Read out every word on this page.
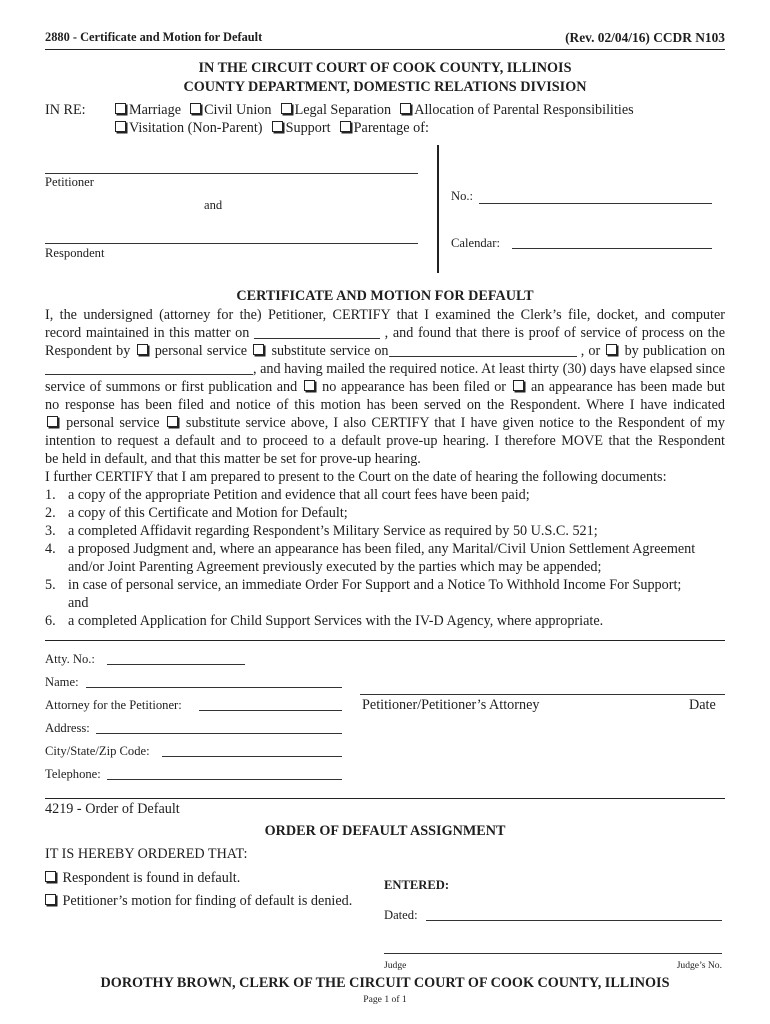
2880 - Certificate and Motion for Default	(Rev. 02/04/16) CCDR N103
IN THE CIRCUIT COURT OF COOK COUNTY, ILLINOIS
COUNTY DEPARTMENT, DOMESTIC RELATIONS DIVISION
IN RE:	Marriage Civil Union Legal Separation Allocation of Parental Responsibilities
Visitation (Non-Parent) Support Parentage of:
Petitioner
and
Respondent
No.:
Calendar:
CERTIFICATE AND MOTION FOR DEFAULT
I, the undersigned (attorney for the) Petitioner, CERTIFY that I examined the Clerk’s file, docket, and computer
record maintained in this matter on	, and found that there is proof of service of process on the
Respondent by personal service substitute service on	, or by publication on
, and having mailed the required notice. At least thirty (30) days have elapsed since
service of summons or first publication and no appearance has been filed or an appearance has been made but
no response has been filed and notice of this motion has been served on the Respondent. Where I have indicated
personal service substitute service above, I also CERTIFY that I have given notice to the Respondent of my
intention to request a default and to proceed to a default prove-up hearing. I therefore MOVE that the Respondent
be held in default, and that this matter be set for prove-up hearing.
I further CERTIFY that I am prepared to present to the Court on the date of hearing the following documents:
1. a copy of the appropriate Petition and evidence that all court fees have been paid;
2. a copy of this Certificate and Motion for Default;
3. a completed Affidavit regarding Respondent’s Military Service as required by 50 U.S.C. 521;
4. a proposed Judgment and, where an appearance has been filed, any Marital/Civil Union Settlement Agreement
and/or Joint Parenting Agreement previously executed by the parties which may be appended;
5. in case of personal service, an immediate Order For Support and a Notice To Withhold Income For Support;
and
6. a completed Application for Child Support Services with the IV-D Agency, where appropriate.
Atty. No.:
Name:
Attorney for the Petitioner:
Address:
City/State/Zip Code:
Telephone:
Petitioner/Petitioner’s Attorney	Date
4219 - Order of Default
ORDER OF DEFAULT ASSIGNMENT
IT IS HEREBY ORDERED THAT:
Respondent is found in default.
Petitioner’s motion for finding of default is denied.
ENTERED:
Dated:
Judge	Judge’s No.
DOROTHY BROWN, CLERK OF THE CIRCUIT COURT OF COOK COUNTY, ILLINOIS
Page 1 of 1
